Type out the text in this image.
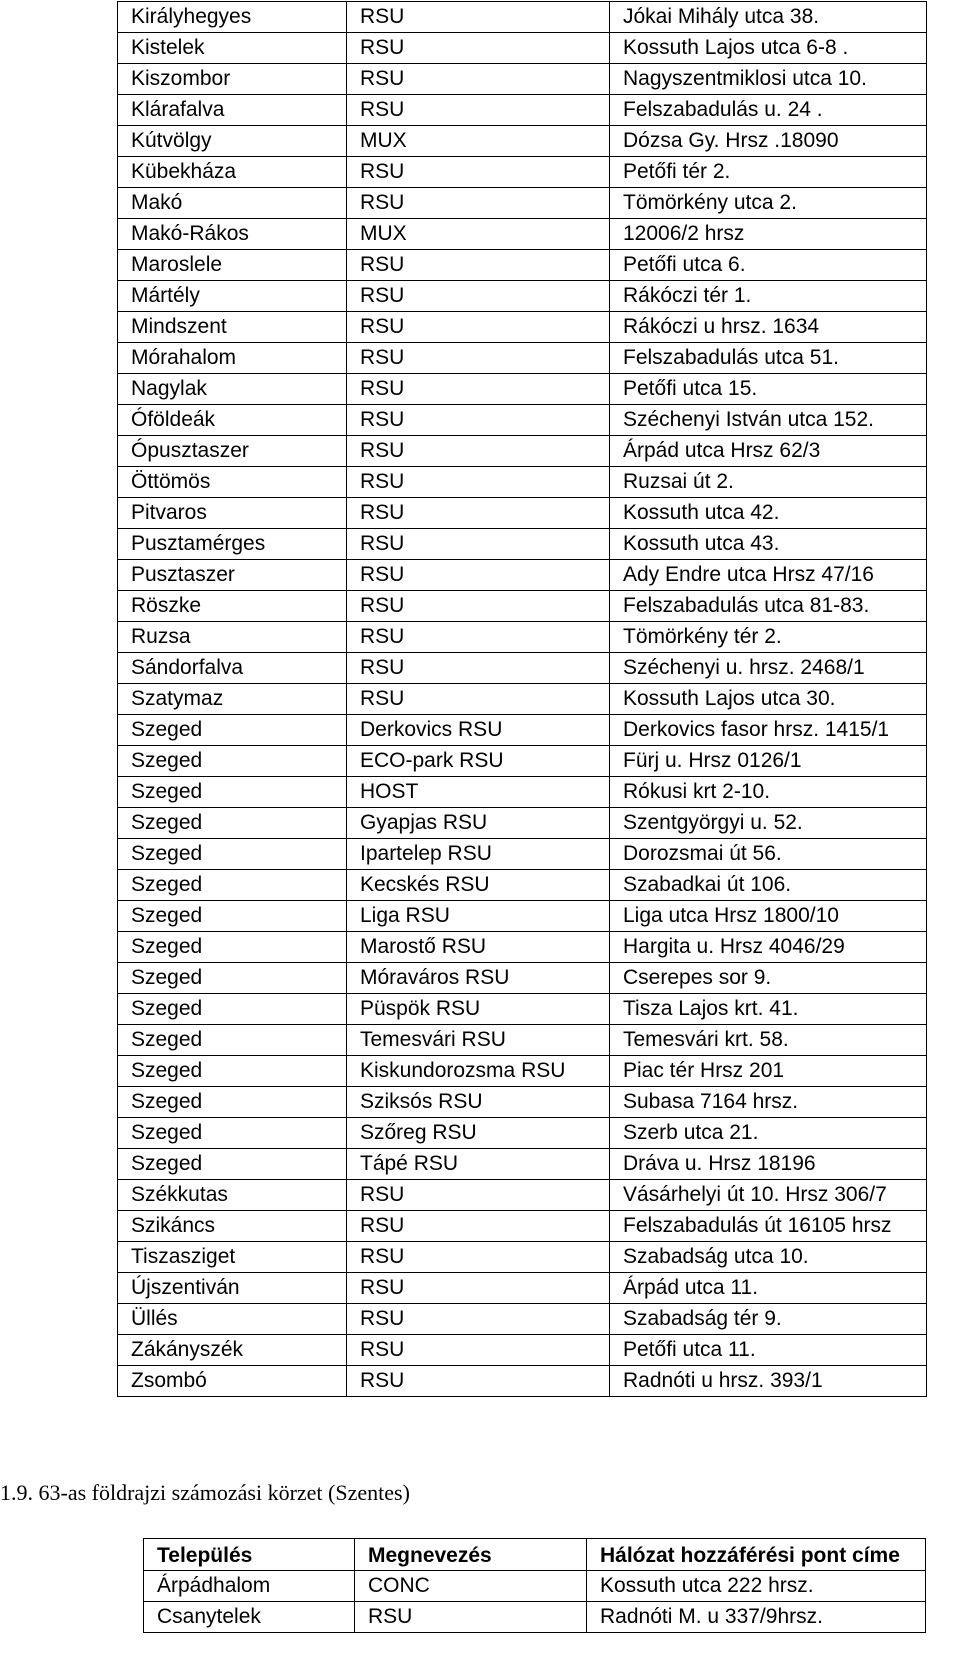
Királyhegyes	RSU	Jókai Mihály utca 38.
Kistelek	RSU	Kossuth Lajos utca 6-8 .
Kiszombor	RSU	Nagyszentmiklosi utca 10.
Klárafalva	RSU	Felszabadulás u. 24 .
Kútvölgy	MUX	Dózsa Gy. Hrsz .18090
Kübekháza	RSU	Petőfi tér 2.
Makó	RSU	Tömörkény utca 2.
Makó-Rákos	MUX	12006/2 hrsz
Maroslele	RSU	Petőfi utca 6.
Mártély	RSU	Rákóczi tér 1.
Mindszent	RSU	Rákóczi u hrsz. 1634
Mórahalom	RSU	Felszabadulás utca 51.
Nagylak	RSU	Petőfi utca 15.
Óföldeák	RSU	Széchenyi István utca 152.
Ópusztaszer	RSU	Árpád utca Hrsz 62/3
Öttömös	RSU	Ruzsai út 2.
Pitvaros	RSU	Kossuth utca 42.
Pusztamérges	RSU	Kossuth utca 43.
Pusztaszer	RSU	Ady Endre utca Hrsz 47/16
Röszke	RSU	Felszabadulás utca 81-83.
Ruzsa	RSU	Tömörkény tér 2.
Sándorfalva	RSU	Széchenyi u. hrsz. 2468/1
Szatymaz	RSU	Kossuth Lajos utca 30.
Szeged	Derkovics RSU	Derkovics fasor hrsz. 1415/1
Szeged	ECO-park RSU	Fürj u. Hrsz 0126/1
Szeged	HOST	Rókusi krt 2-10.
Szeged	Gyapjas RSU	Szentgyörgyi u. 52.
Szeged	Ipartelep RSU	Dorozsmai út 56.
Szeged	Kecskés RSU	Szabadkai út 106.
Szeged	Liga RSU	Liga utca Hrsz 1800/10
Szeged	Marostő RSU	Hargita u. Hrsz 4046/29
Szeged	Móraváros RSU	Cserepes sor 9.
Szeged	Püspök RSU	Tisza Lajos krt. 41.
Szeged	Temesvári RSU	Temesvári krt. 58.
Szeged	Kiskundorozsma RSU	Piac tér Hrsz 201
Szeged	Sziksós RSU	Subasa 7164 hrsz.
Szeged	Szőreg RSU	Szerb utca 21.
Szeged	Tápé RSU	Dráva u. Hrsz 18196
Székkutas	RSU	Vásárhelyi út 10. Hrsz 306/7
Szikáncs	RSU	Felszabadulás út 16105 hrsz
Tiszasziget	RSU	Szabadság utca 10.
Újszentiván	RSU	Árpád utca 11.
Üllés	RSU	Szabadság tér 9.
Zákányszék	RSU	Petőfi utca 11.
Zsombó	RSU	Radnóti u hrsz. 393/1
1.9. 63-as földrajzi számozási körzet (Szentes)
Település	Megnevezés	Hálózat hozzáférési pont címe
Árpádhalom	CONC	Kossuth utca 222 hrsz.
Csanytelek	RSU	Radnóti M. u 337/9hrsz.
